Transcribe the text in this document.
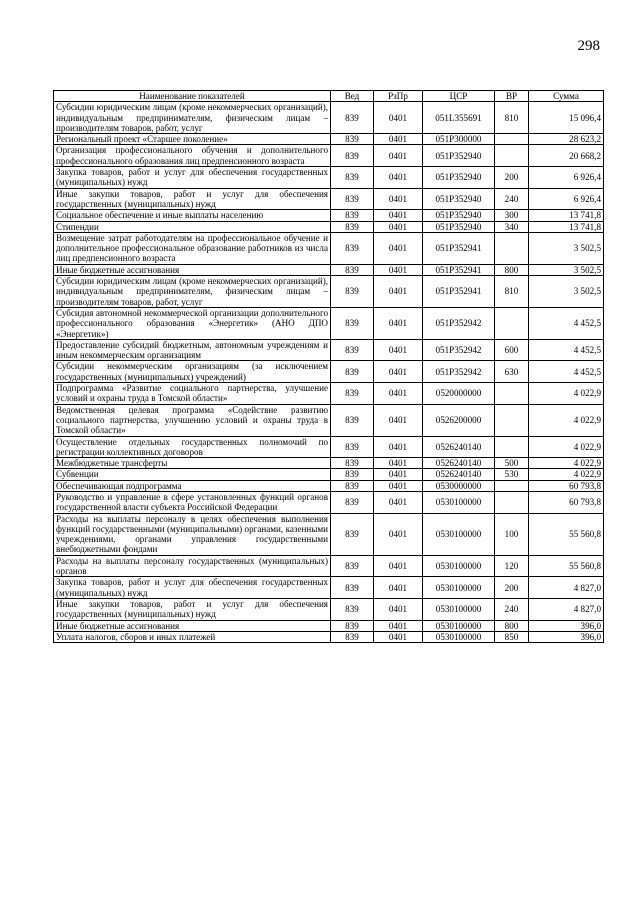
298
Наименование показателей	Вед	РзПр	ЦСР	ВР	Сумма
Субсидии юридическим лицам (кроме некоммерческих организаций), индивидуальным предпринимателям, физическим лицам – производителям товаров, работ, услуг	839	0401	051L355691	810	15 096,4
Региональный проект «Старшее поколение»	839	0401	051P300000		28 623,2
Организация профессионального обучения и дополнительного профессионального образования лиц предпенсионного возраста	839	0401	051P352940		20 668,2
Закупка товаров, работ и услуг для обеспечения государственных (муниципальных) нужд	839	0401	051P352940	200	6 926,4
Иные закупки товаров, работ и услуг для обеспечения государственных (муниципальных) нужд	839	0401	051P352940	240	6 926,4
Социальное обеспечение и иные выплаты населению	839	0401	051P352940	300	13 741,8
Стипендии	839	0401	051P352940	340	13 741,8
Возмещение затрат работодателям на профессиональное обучение и дополнительное профессиональное образование работников из числа лиц предпенсионного возраста	839	0401	051P352941		3 502,5
Иные бюджетные ассигнования	839	0401	051P352941	800	3 502,5
Субсидии юридическим лицам (кроме некоммерческих организаций), индивидуальным предпринимателям, физическим лицам – производителям товаров, работ, услуг	839	0401	051P352941	810	3 502,5
Субсидия автономной некоммерческой организации дополнительного профессионального образования «Энергетик» (АНО ДПО «Энергетик»)	839	0401	051P352942		4 452,5
Предоставление субсидий бюджетным, автономным учреждениям и иным некоммерческим организациям	839	0401	051P352942	600	4 452,5
Субсидии некоммерческим организациям (за исключением государственных (муниципальных) учреждений)	839	0401	051P352942	630	4 452,5
Подпрограмма «Развитие социального партнерства, улучшение условий и охраны труда в Томской области»	839	0401	0520000000		4 022,9
Ведомственная целевая программа «Содействие развитию социального партнерства, улучшению условий и охраны труда в Томской области»	839	0401	0526200000		4 022,9
Осуществление отдельных государственных полномочий по регистрации коллективных договоров	839	0401	0526240140		4 022,9
Межбюджетные трансферты	839	0401	0526240140	500	4 022,9
Субвенции	839	0401	0526240140	530	4 022,9
Обеспечивающая подпрограмма	839	0401	0530000000		60 793,8
Руководство и управление в сфере установленных функций органов государственной власти субъекта Российской Федерации	839	0401	0530100000		60 793,8
Расходы на выплаты персоналу в целях обеспечения выполнения функций государственными (муниципальными) органами, казенными учреждениями, органами управления государственными внебюджетными фондами	839	0401	0530100000	100	55 560,8
Расходы на выплаты персоналу государственных (муниципальных) органов	839	0401	0530100000	120	55 560,8
Закупка товаров, работ и услуг для обеспечения государственных (муниципальных) нужд	839	0401	0530100000	200	4 827,0
Иные закупки товаров, работ и услуг для обеспечения государственных (муниципальных) нужд	839	0401	0530100000	240	4 827,0
Иные бюджетные ассигнования	839	0401	0530100000	800	396,0
Уплата налогов, сборов и иных платежей	839	0401	0530100000	850	396,0
